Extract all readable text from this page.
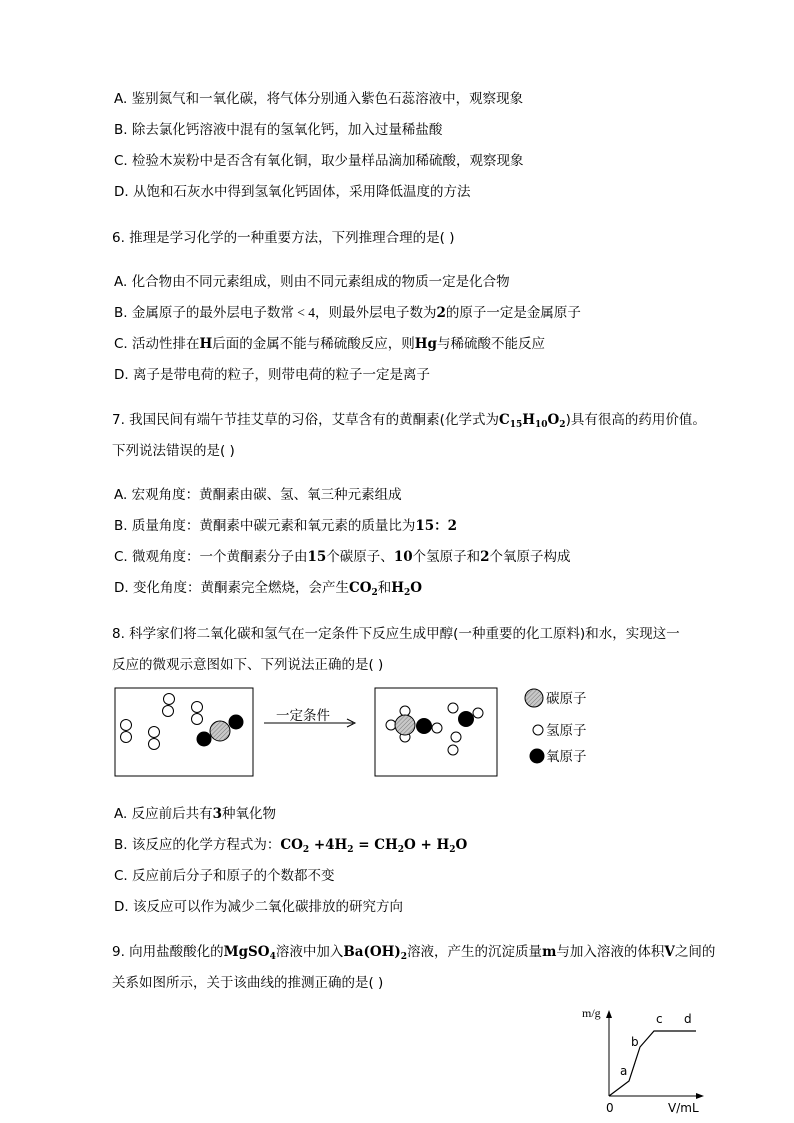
A. 鉴别氮气和一氧化碳，将气体分别通入紫色石蕊溶液中，观察现象
B. 除去氯化钙溶液中混有的氢氧化钙，加入过量稀盐酸
C. 检验木炭粉中是否含有氧化铜，取少量样品滴加稀硫酸，观察现象
D. 从饱和石灰水中得到氢氧化钙固体，采用降低温度的方法
6. 推理是学习化学的一种重要方法，下列推理合理的是( )
A. 化合物由不同元素组成，则由不同元素组成的物质一定是化合物
B. 金属原子的最外层电子数常 < 4，则最外层电子数为2的原子一定是金属原子
C. 活动性排在H后面的金属不能与稀硫酸反应，则Hg与稀硫酸不能反应
D. 离子是带电荷的粒子，则带电荷的粒子一定是离子
7. 我国民间有端午节挂艾草的习俗，艾草含有的黄酮素(化学式为$C_{15}H_{10}O_2$)具有很高的药用价值。
下列说法错误的是( )
A. 宏观角度：黄酮素由碳、氢、氧三种元素组成
B. 质量角度：黄酮素中碳元素和氧元素的质量比为15：2
C. 微观角度：一个黄酮素分子由15个碳原子、10个氢原子和2个氧原子构成
D. 变化角度：黄酮素完全燃烧，会产生$CO_2$和$H_2O$
8. 科学家们将二氧化碳和氢气在一定条件下反应生成甲醇(一种重要的化工原料)和水，实现这一
反应的微观示意图如下、下列说法正确的是( )
一定条件
碳原子
氢原子
氧原子
A. 反应前后共有3种氧化物
B. 该反应的化学方程式为：$CO_2 +4H_2 = CH_2O + H_2O$
C. 反应前后分子和原子的个数都不变
D. 该反应可以作为减少二氧化碳排放的研究方向
9. 向用盐酸酸化的MgSO$_4$溶液中加入$Ba(OH)_2$溶液，产生的沉淀质量m与加入溶液的体积V之间的
关系如图所示，关于该曲线的推测正确的是( )
m/g
a
b
c d
0	V/mL
